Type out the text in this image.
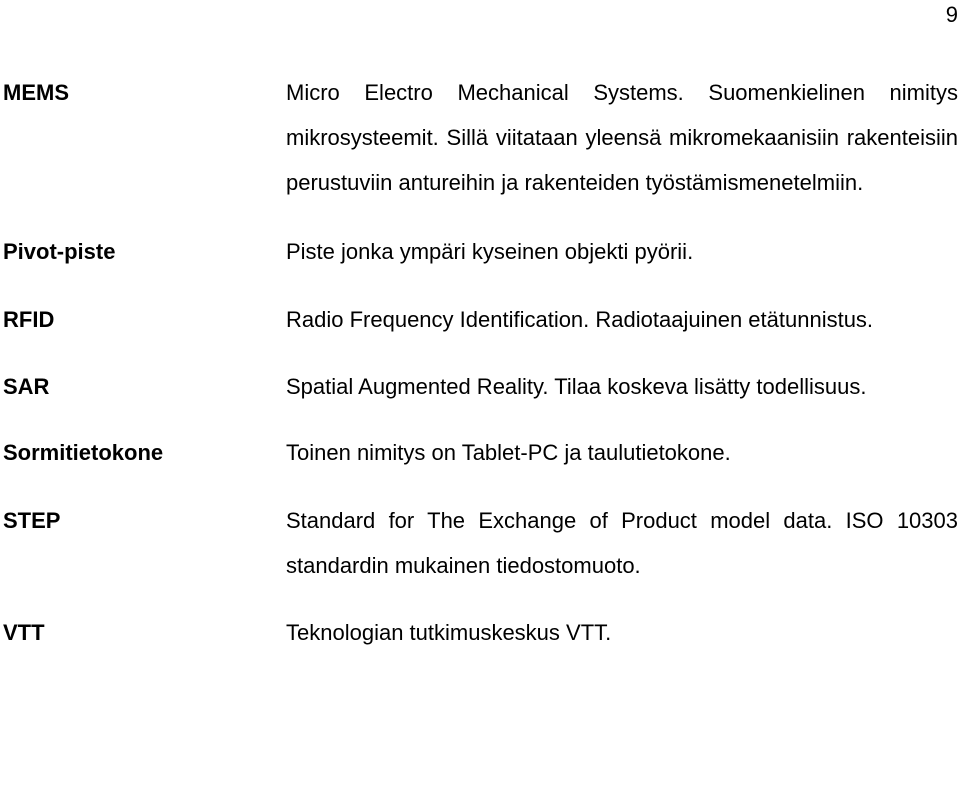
9
MEMS	Micro Electro Mechanical Systems. Suomenkielinen nimitys mikrosysteemit. Sillä viitataan yleensä mikromekaanisiin rakenteisiin perustuviin antureihin ja rakenteiden työstämismenetelmiin.
Pivot-piste	Piste jonka ympäri kyseinen objekti pyörii.
RFID	Radio Frequency Identification. Radiotaajuinen etätunnistus.
SAR	Spatial Augmented Reality. Tilaa koskeva lisätty todellisuus.
Sormitietokone	Toinen nimitys on Tablet-PC ja taulutietokone.
STEP	Standard for The Exchange of Product model data. ISO 10303 standardin mukainen tiedostomuoto.
VTT	Teknologian tutkimuskeskus VTT.
